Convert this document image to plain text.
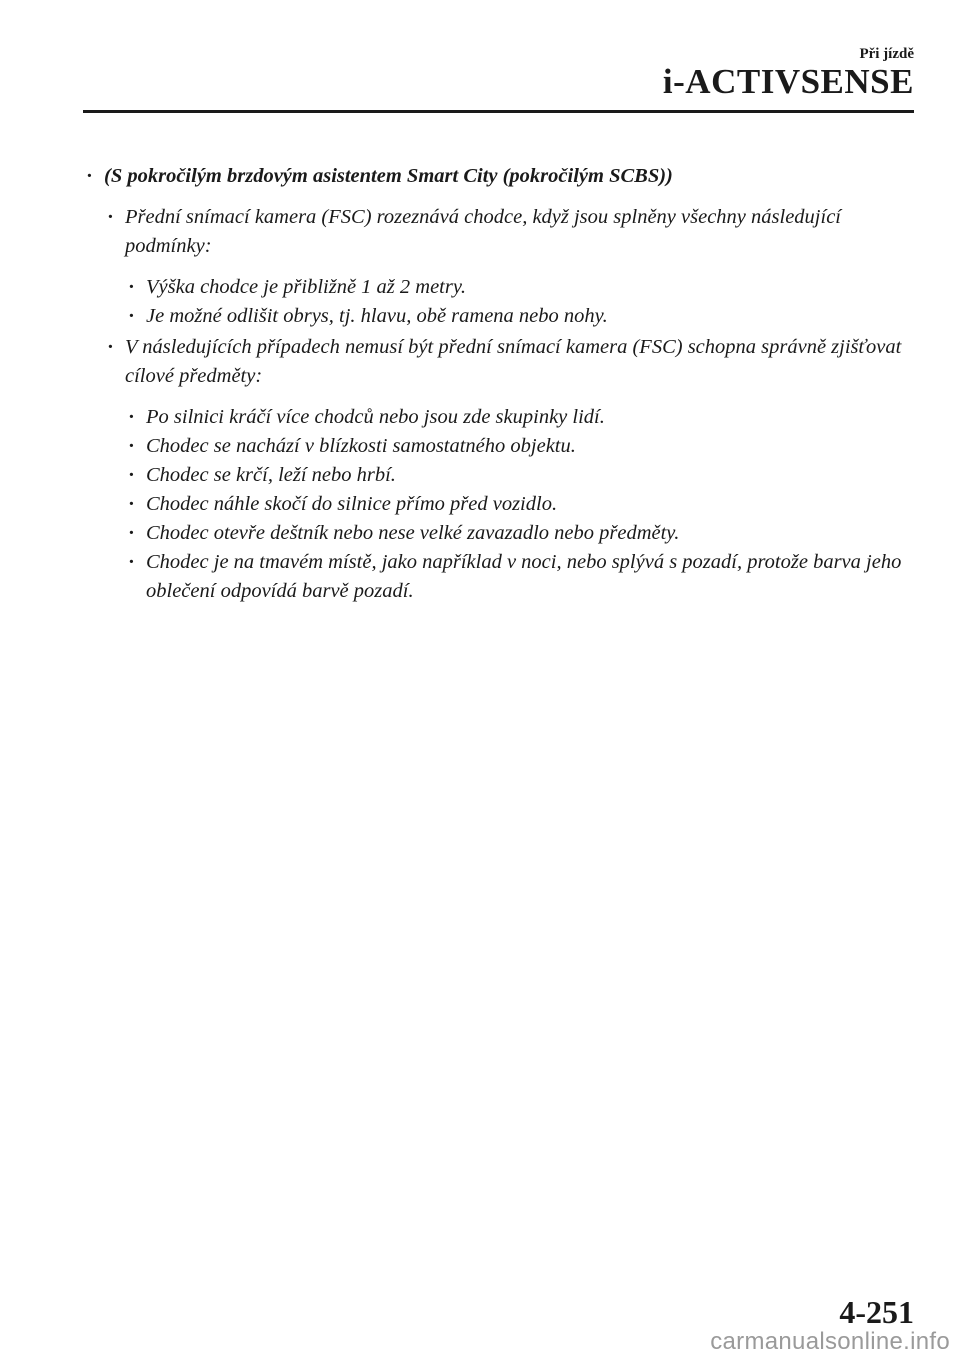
Při jízdě
i-ACTIVSENSE
· (S pokročilým brzdovým asistentem Smart City (pokročilým SCBS))
· Přední snímací kamera (FSC) rozeznává chodce, když jsou splněny všechny následující podmínky:
· Výška chodce je přibližně 1 až 2 metry.
· Je možné odlišit obrys, tj. hlavu, obě ramena nebo nohy.
· V následujících případech nemusí být přední snímací kamera (FSC) schopna správně zjišťovat cílové předměty:
· Po silnici kráčí více chodců nebo jsou zde skupinky lidí.
· Chodec se nachází v blízkosti samostatného objektu.
· Chodec se krčí, leží nebo hrbí.
· Chodec náhle skočí do silnice přímo před vozidlo.
· Chodec otevře deštník nebo nese velké zavazadlo nebo předměty.
· Chodec je na tmavém místě, jako například v noci, nebo splývá s pozadí, protože barva jeho oblečení odpovídá barvě pozadí.
4-251
carmanualsonline.info
